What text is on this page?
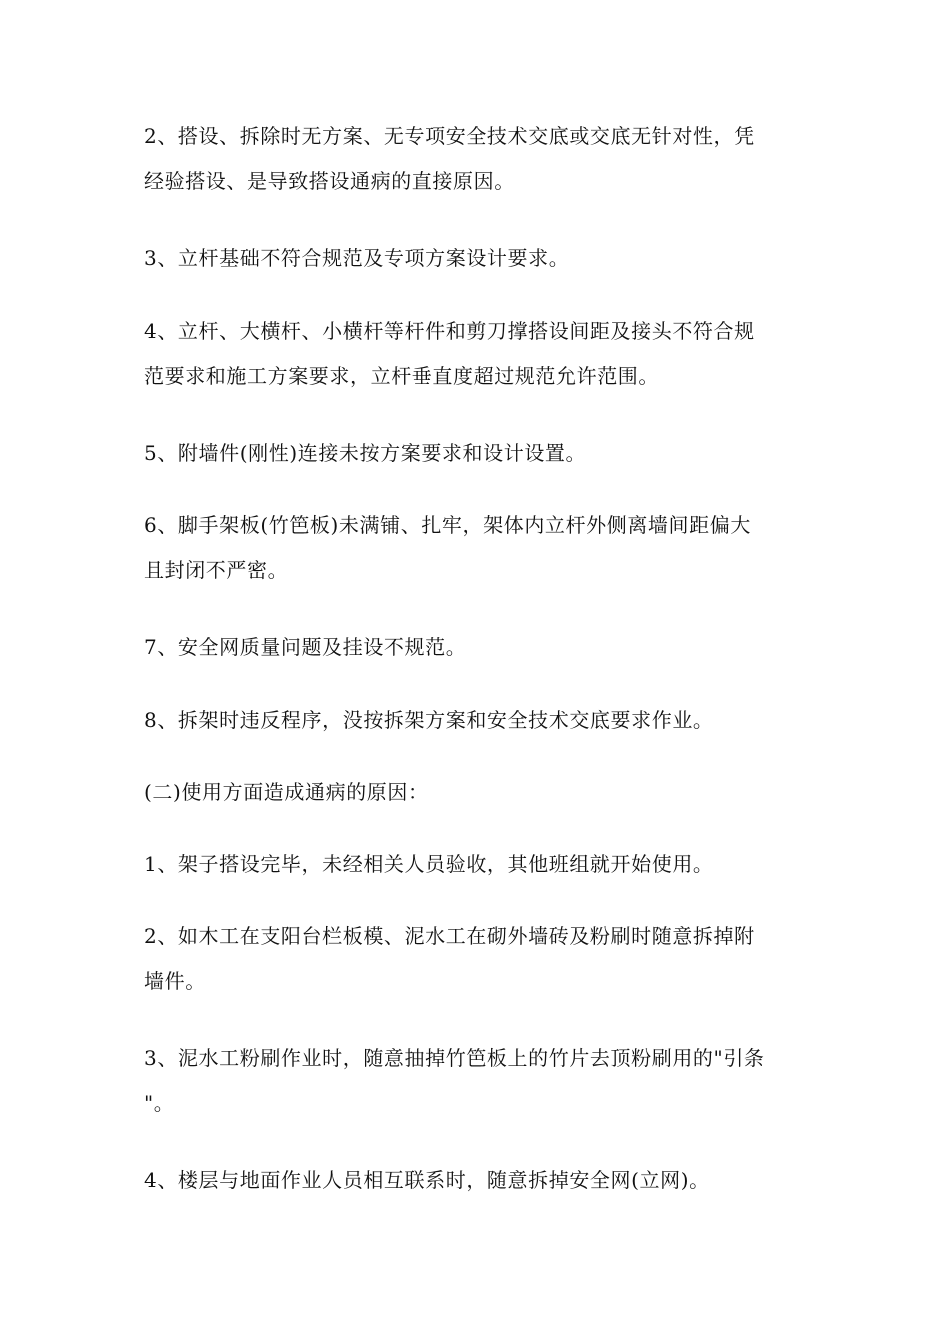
2、搭设、拆除时无方案、无专项安全技术交底或交底无针对性，凭
经验搭设、是导致搭设通病的直接原因。
3、立杆基础不符合规范及专项方案设计要求。
4、立杆、大横杆、小横杆等杆件和剪刀撑搭设间距及接头不符合规
范要求和施工方案要求，立杆垂直度超过规范允许范围。
5、附墙件(刚性)连接未按方案要求和设计设置。
6、脚手架板(竹笆板)未满铺、扎牢，架体内立杆外侧离墙间距偏大
且封闭不严密。
7、安全网质量问题及挂设不规范。
8、拆架时违反程序，没按拆架方案和安全技术交底要求作业。
(二)使用方面造成通病的原因：
1、架子搭设完毕，未经相关人员验收，其他班组就开始使用。
2、如木工在支阳台栏板模、泥水工在砌外墙砖及粉刷时随意拆掉附
墙件。
3、泥水工粉刷作业时，随意抽掉竹笆板上的竹片去顶粉刷用的"引条
"。
4、楼层与地面作业人员相互联系时，随意拆掉安全网(立网)。
